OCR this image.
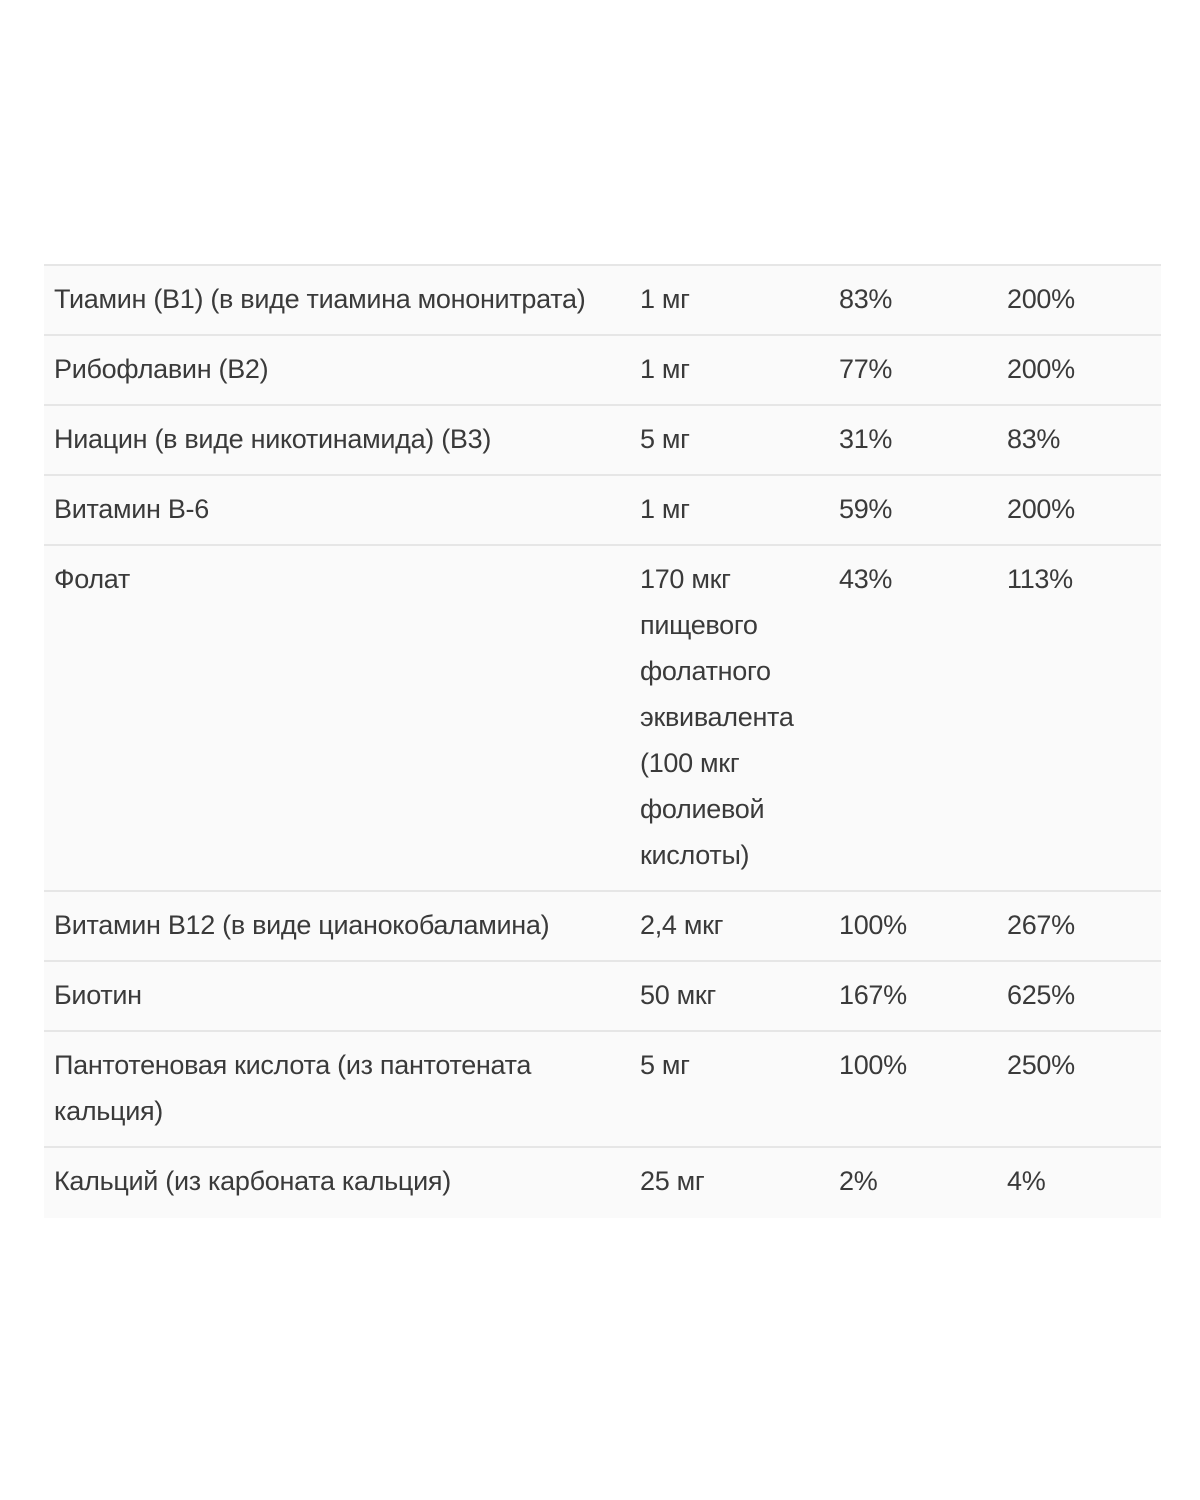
Тиамин (В1) (в виде тиамина мононитрата)	1 мг	83%	200%
Рибофлавин (В2)	1 мг	77%	200%
Ниацин (в виде никотинамида) (В3)	5 мг	31%	83%
Витамин В-6	1 мг	59%	200%
Фолат	170 мкг пищевого фолатного эквивалента (100 мкг фолиевой кислоты)	43%	113%
Витамин В12 (в виде цианокобаламина)	2,4 мкг	100%	267%
Биотин	50 мкг	167%	625%
Пантотеновая кислота (из пантотената кальция)	5 мг	100%	250%
Кальций (из карбоната кальция)	25 мг	2%	4%
